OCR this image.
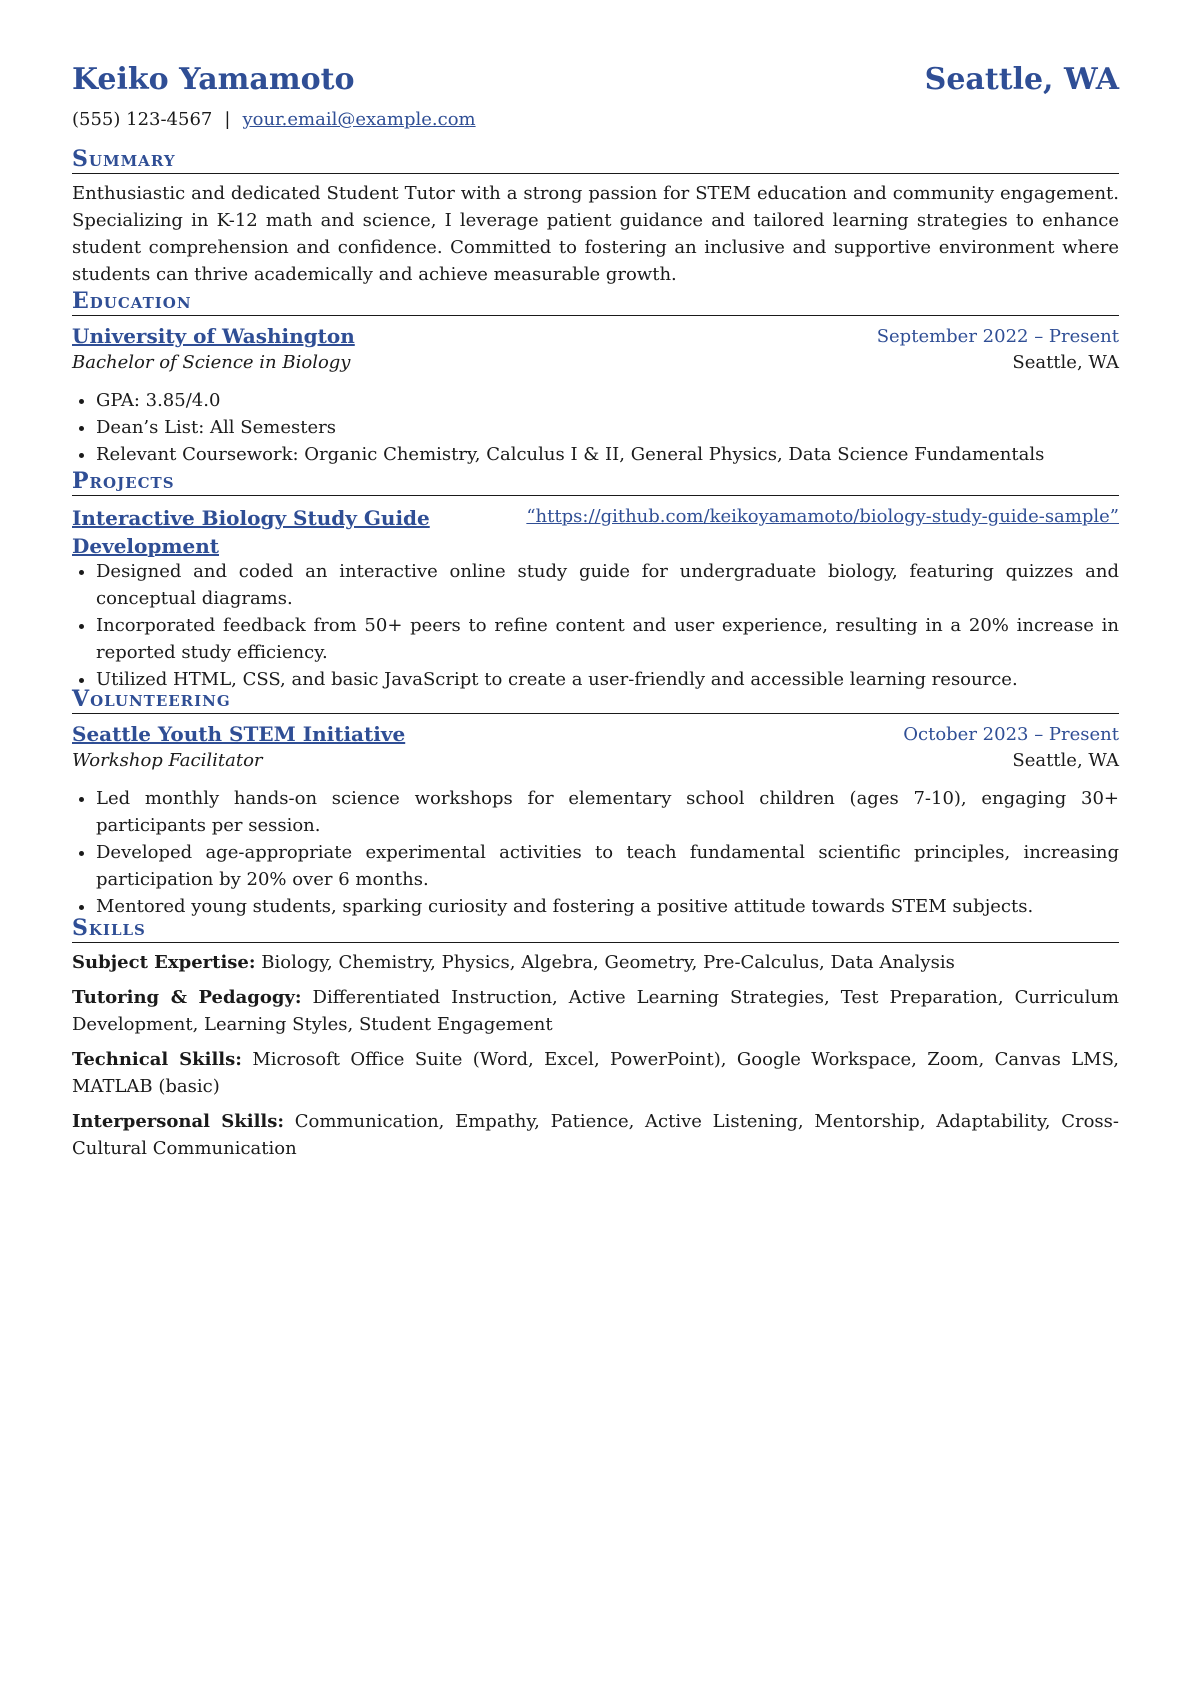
Keiko Yamamoto	Seattle, WA
(555) 123-4567 | your.email@example.com
Summary
Enthusiastic and dedicated Student Tutor with a strong passion for STEM education and community engagement. Specializing in K-12 math and science, I leverage patient guidance and tailored learning strategies to enhance student comprehension and confidence. Committed to fostering an inclusive and supportive environment where students can thrive academically and achieve measurable growth.
Education
University of Washington	September 2022 – Present
Bachelor of Science in Biology	Seattle, WA
• GPA: 3.85/4.0
• Dean’s List: All Semesters
• Relevant Coursework: Organic Chemistry, Calculus I & II, General Physics, Data Science Fundamentals
Projects
Interactive Biology Study Guide Development
“https://github.com/keikoyamamoto/biology-study-guide-sample”
• Designed and coded an interactive online study guide for undergraduate biology, featuring quizzes and conceptual diagrams.
• Incorporated feedback from 50+ peers to refine content and user experience, resulting in a 20% increase in reported study efficiency.
• Utilized HTML, CSS, and basic JavaScript to create a user-friendly and accessible learning resource.
Volunteering
Seattle Youth STEM Initiative	October 2023 – Present
Workshop Facilitator	Seattle, WA
• Led monthly hands-on science workshops for elementary school children (ages 7-10), engaging 30+ participants per session.
• Developed age-appropriate experimental activities to teach fundamental scientific principles, increasing participation by 20% over 6 months.
• Mentored young students, sparking curiosity and fostering a positive attitude towards STEM subjects.
Skills
Subject Expertise: Biology, Chemistry, Physics, Algebra, Geometry, Pre-Calculus, Data Analysis
Tutoring & Pedagogy: Differentiated Instruction, Active Learning Strategies, Test Preparation, Curriculum Development, Learning Styles, Student Engagement
Technical Skills: Microsoft Office Suite (Word, Excel, PowerPoint), Google Workspace, Zoom, Canvas LMS, MATLAB (basic)
Interpersonal Skills: Communication, Empathy, Patience, Active Listening, Mentorship, Adaptability, Cross-Cultural Communication
